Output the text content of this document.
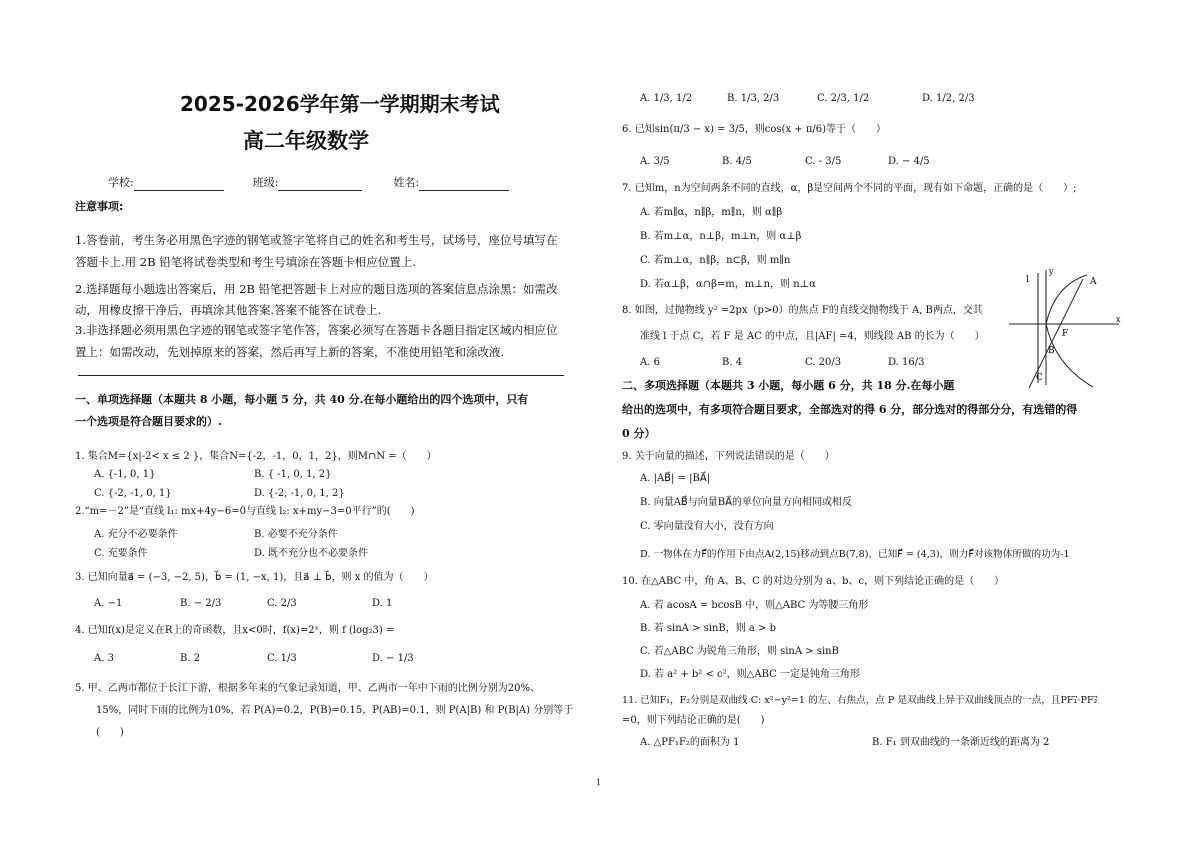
2025-2026学年第一学期期末考试
高二年级数学
学校:	班级:	姓名:
注意事项:
1.答卷前，考生务必用黑色字迹的钢笔或签字笔将自己的姓名和考生号，试场号，座位号填写在
答题卡上.用 2B 铅笔将试卷类型和考生号填涂在答题卡相应位置上.
2.选择题每小题选出答案后，用 2B 铅笔把答题卡上对应的题目选项的答案信息点涂黑：如需改
动，用橡皮擦干净后，再填涂其他答案.答案不能答在试卷上.
3.非选择题必须用黑色字迹的钢笔或签字笔作答，答案必须写在答题卡各题目指定区域内相应位
置上：如需改动，先划掉原来的答案，然后再写上新的答案，不准使用铅笔和涂改液.
一、单项选择题（本题共 8 小题，每小题 5 分，共 40 分.在每小题给出的四个选项中，只有
一个选项是符合题目要求的）.
1. 集合M={x|-2< x ≤ 2 }，集合N={-2，-1，0，1，2}，则M∩N =（　　）
A. {-1, 0, 1}	B. { -1, 0, 1, 2}
C. {-2, -1, 0, 1}	D. {-2, -1, 0, 1, 2}
2.“m=－2”是“直线 l₁: mx+4y−6=0与直线 l₂: x+my−3=0平行”的(　　)
A. 充分不必要条件	B. 必要不充分条件
C. 充要条件	D. 既不充分也不必要条件
3. 已知向量a⃗ = (−3, −2, 5)，b⃗ = (1, −x, 1)，且a⃗ ⊥ b⃗，则 x 的值为（　　）
A. −1	B. − 2/3	C. 2/3	D. 1
4. 已知f(x)是定义在R上的奇函数，且x<0时，f(x)=2ˣ，则 f (log₂3) =
A. 3	B. 2	C. 1/3	D. − 1/3
5. 甲、乙两市都位于长江下游，根据多年来的气象记录知道，甲、乙两市一年中下雨的比例分别为20%、
15%，同时下雨的比例为10%，若 P(A)=0.2，P(B)=0.15，P(AB)=0.1，则 P(A|B) 和 P(B|A) 分别等于
(　　)
1
A. 1/3, 1/2	B. 1/3, 2/3	C. 2/3, 1/2	D. 1/2, 2/3
6. 已知sin(π/3 − x) = 3/5，则cos(x + π/6)等于（　　）
A. 3/5	B. 4/5	C. - 3/5	D. − 4/5
7. 已知m，n为空间两条不同的直线，α，β是空间两个不同的平面，现有如下命题，正确的是（　　）;
A. 若m∥α，n∥β，m∥n，则 α∥β
B. 若m⊥α，n⊥β，m⊥n，则 α⊥β
C. 若m⊥α，n∥β，n⊂β，则 m∥n
D. 若α⊥β，α∩β=m，m⊥n，则 n⊥α
8. 如图，过抛物线 y² =2px（p>0）的焦点 F的直线交抛物线于 A, B两点，交其
准线 l 于点 C，若 F 是 AC 的中点，且|AF| =4，则线段 AB 的长为（　　）
A. 6	B. 4	C. 20/3	D. 16/3
l
y
x
A
F
B
C
二、多项选择题（本题共 3 小题，每小题 6 分，共 18 分.在每小题
给出的选项中，有多项符合题目要求，全部选对的得 6 分，部分选对的得部分分，有选错的得
0 分）
9. 关于向量的描述，下列说法错误的是（　　）
A. |AB⃗| = |BA⃗|
B. 向量AB⃗与向量BA⃗的单位向量方向相同或相反
C. 零向量没有大小，没有方向
D. 一物体在力F⃗的作用下由点A(2,15)移动到点B(7,8)，已知F⃗ = (4,3)，则力F⃗对该物体所做的功为-1
10. 在△ABC 中，角 A、B、C 的对边分别为 a、b、c，则下列结论正确的是（　　）
A. 若 acosA = bcosB 中，则△ABC 为等腰三角形
B. 若 sinA > sinB，则 a > b
C. 若△ABC 为锐角三角形，则 sinA > sinB
D. 若 a² + b² < c²，则△ABC 一定是钝角三角形
11. 已知F₁，F₂分别是双曲线 C: x²−y²=1 的左、右焦点，点 P 是双曲线上异于双曲线顶点的一点，且PF₁⃗·PF₂⃗
=0，则下列结论正确的是(　　)
A. △PF₁F₂的面积为 1	B. F₁ 到双曲线的一条渐近线的距离为 2
